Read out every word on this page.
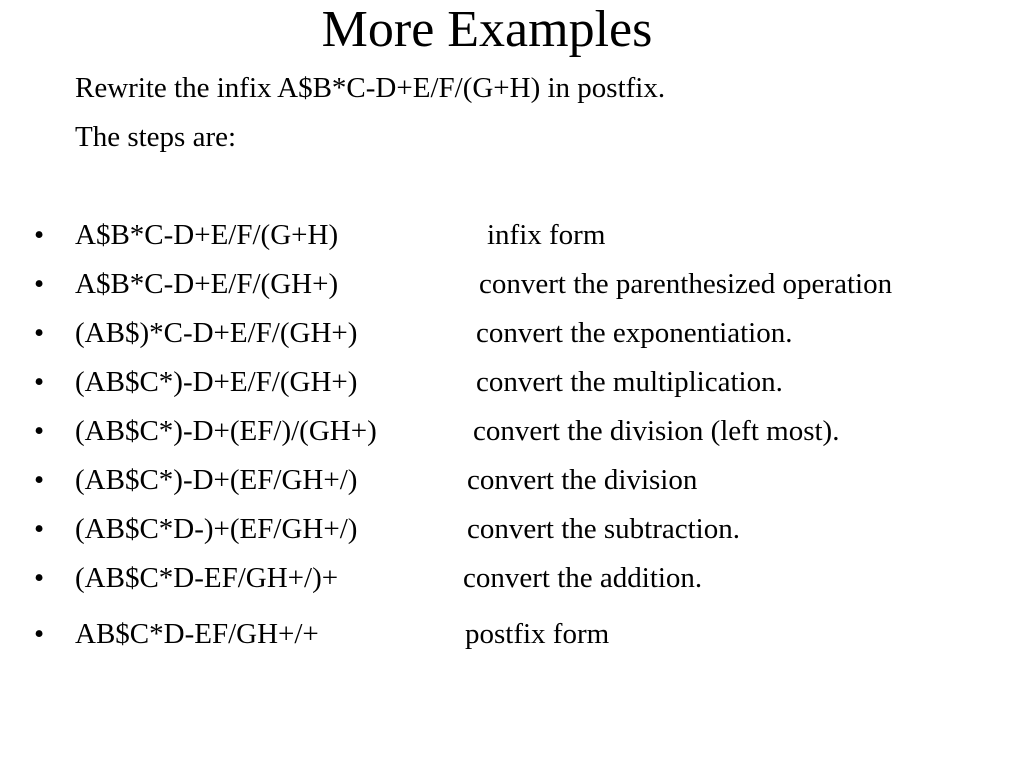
More Examples
Rewrite the infix A$B*C-D+E/F/(G+H) in postfix.
The steps are:
• A$B*C-D+E/F/(G+H)	infix form
• A$B*C-D+E/F/(GH+)	convert the parenthesized operation
• (AB$)*C-D+E/F/(GH+)	convert the exponentiation.
• (AB$C*)-D+E/F/(GH+)	convert the multiplication.
• (AB$C*)-D+(EF/)/(GH+)	convert the division (left most).
• (AB$C*)-D+(EF/GH+/)	convert the division
• (AB$C*D-)+(EF/GH+/)	convert the subtraction.
• (AB$C*D-EF/GH+/)+	convert the addition.
• AB$C*D-EF/GH+/+	postfix form
